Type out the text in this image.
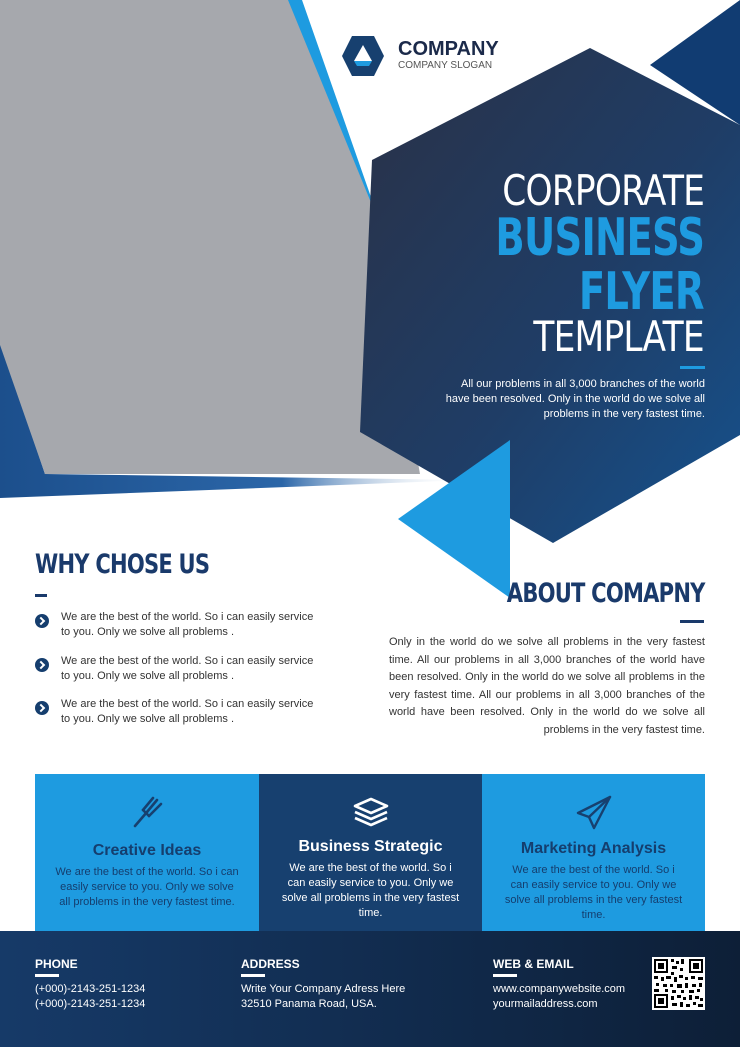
COMPANY
COMPANY SLOGAN
CORPORATE
BUSINESS
FLYER
TEMPLATE
All our problems in all 3,000 branches of the world have been resolved. Only in the world do we solve all problems in the very fastest time.
WHY CHOSE US
We are the best of the world. So i can easily service to you. Only we solve all problems .
We are the best of the world. So i can easily service to you. Only we solve all problems .
We are the best of the world. So i can easily service to you. Only we solve all problems .
ABOUT COMAPNY
Only in the world do we solve all problems in the very fastest time. All our problems in all 3,000 branches of the world have been resolved. Only in the world do we solve all problems in the very fastest time. All our problems in all 3,000 branches of the world have been resolved. Only in the world do we solve all problems in the very fastest time.
Creative Ideas
We are the best of the world. So i can easily service to you. Only we solve all problems in the very fastest time.
Business Strategic
We are the best of the world. So i can easily service to you. Only we solve all problems in the very fastest time.
Marketing Analysis
We are the best of the world. So i can easily service to you. Only we solve all problems in the very fastest time.
PHONE
(+000)-2143-251-1234
(+000)-2143-251-1234
ADDRESS
Write Your Company Adress Here
32510 Panama Road, USA.
WEB & EMAIL
www.companywebsite.com
yourmailaddress.com
